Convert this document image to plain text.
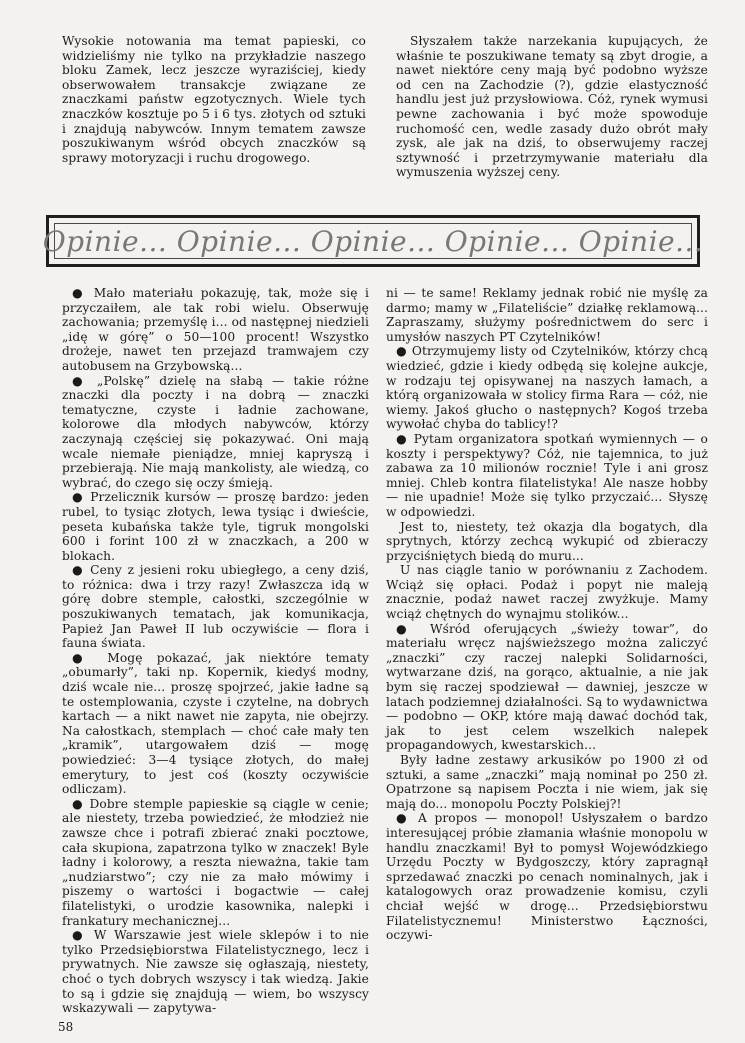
Wysokie notowania ma temat papieski, co widzieliśmy nie tylko na przykładzie naszego bloku Zamek, lecz jeszcze wyraziściej, kiedy obserwowałem transakcje związane ze znaczkami państw egzotycznych. Wiele tych znaczków kosztuje po 5 i 6 tys. złotych od sztuki i znajdują nabywców. Innym tematem zawsze poszukiwanym wśród obcych znaczków są sprawy motoryzacji i ruchu drogowego.

Słyszałem także narzekania kupujących, że właśnie te poszukiwane tematy są zbyt drogie, a nawet niektóre ceny mają być podobno wyższe od cen na Zachodzie (?), gdzie elastyczność handlu jest już przysłowiowa. Cóż, rynek wymusi pewne zachowania i być może spowoduje ruchomość cen, wedle zasady dużo obrót mały zysk, ale jak na dziś, to obserwujemy raczej sztywność i przetrzymywanie materiału dla wymuszenia wyższej ceny.

Opinie... Opinie... Opinie... Opinie... Opinie...

● Mało materiału pokazuję, tak, może się i przyczaiłem, ale tak robi wielu. Obserwuję zachowania; przemyślę i... od następnej niedzieli „idę w górę” o 50—100 procent! Wszystko drożeje, nawet ten przejazd tramwajem czy autobusem na Grzybowską...

● „Polskę” dzielę na słabą — takie różne znaczki dla poczty i na dobrą — znaczki tematyczne, czyste i ładnie zachowane, kolorowe dla młodych nabywców, którzy zaczynają częściej się pokazywać. Oni mają wcale niemałe pieniądze, mniej kapryszą i przebierają. Nie mają mankolisty, ale wiedzą, co wybrać, do czego się oczy śmieją.

● Przelicznik kursów — proszę bardzo: jeden rubel, to tysiąc złotych, lewa tysiąc i dwieście, peseta kubańska także tyle, tigruk mongolski 600 i forint 100 zł w znaczkach, a 200 w blokach.

● Ceny z jesieni roku ubiegłego, a ceny dziś, to różnica: dwa i trzy razy! Zwłaszcza idą w górę dobre stemple, całostki, szczególnie w poszukiwanych tematach, jak komunikacja, Papież Jan Paweł II lub oczywiście — flora i fauna świata.

● Mogę pokazać, jak niektóre tematy „obumarły”, taki np. Kopernik, kiedyś modny, dziś wcale nie... proszę spojrzeć, jakie ładne są te ostemplowania, czyste i czytelne, na dobrych kartach — a nikt nawet nie zapyta, nie obejrzy. Na całostkach, stemplach — choć całe mały ten „kramik”, utargowałem dziś — mogę powiedzieć: 3—4 tysiące złotych, do małej emerytury, to jest coś (koszty oczywiście odliczam).

● Dobre stemple papieskie są ciągle w cenie; ale niestety, trzeba powiedzieć, że młodzież nie zawsze chce i potrafi zbierać znaki pocztowe, cała skupiona, zapatrzona tylko w znaczek! Byle ładny i kolorowy, a reszta nieważna, takie tam „nudziarstwo”; czy nie za mało mówimy i piszemy o wartości i bogactwie — całej filatelistyki, o urodzie kasownika, nalepki i frankatury mechanicznej...

● W Warszawie jest wiele sklepów i to nie tylko Przedsiębiorstwa Filatelistycznego, lecz i prywatnych. Nie zawsze się ogłaszają, niestety, choć o tych dobrych wszyscy i tak wiedzą. Jakie to są i gdzie się znajdują — wiem, bo wszyscy wskazywali — zapytywa-

ni — te same! Reklamy jednak robić nie myślę za darmo; mamy w „Filateliście” działkę reklamową... Zapraszamy, służymy pośrednictwem do serc i umysłów naszych PT Czytelników!

● Otrzymujemy listy od Czytelników, którzy chcą wiedzieć, gdzie i kiedy odbędą się kolejne aukcje, w rodzaju tej opisywanej na naszych łamach, a którą organizowała w stolicy firma Rara — cóż, nie wiemy. Jakoś głucho o następnych? Kogoś trzeba wywołać chyba do tablicy!?

● Pytam organizatora spotkań wymiennych — o koszty i perspektywy? Cóż, nie tajemnica, to już zabawa za 10 milionów rocznie! Tyle i ani grosz mniej. Chleb kontra filatelistyka! Ale nasze hobby — nie upadnie! Może się tylko przyczaić... Słyszę w odpowiedzi.

Jest to, niestety, też okazja dla bogatych, dla sprytnych, którzy zechcą wykupić od zbieraczy przyciśniętych biedą do muru...

U nas ciągle tanio w porównaniu z Zachodem. Wciąż się opłaci. Podaż i popyt nie maleją znacznie, podaż nawet raczej zwyżkuje. Mamy wciąż chętnych do wynajmu stolików...

● Wśród oferujących „świeży towar”, do materiału wręcz najświeższego można zaliczyć „znaczki” czy raczej nalepki Solidarności, wytwarzane dziś, na gorąco, aktualnie, a nie jak bym się raczej spodziewał — dawniej, jeszcze w latach podziemnej działalności. Są to wydawnictwa — podobno — OKP, które mają dawać dochód tak, jak to jest celem wszelkich nalepek propagandowych, kwestarskich...

Były ładne zestawy arkusików po 1900 zł od sztuki, a same „znaczki” mają nominał po 250 zł. Opatrzone są napisem Poczta i nie wiem, jak się mają do... monopolu Poczty Polskiej?!

● A propos — monopol! Usłyszałem o bardzo interesującej próbie złamania właśnie monopolu w handlu znaczkami! Był to pomysł Wojewódzkiego Urzędu Poczty w Bydgoszczy, który zapragnął sprzedawać znaczki po cenach nominalnych, jak i katalogowych oraz prowadzenie komisu, czyli chciał wejść w drogę... Przedsiębiorstwu Filatelistycznemu! Ministerstwo Łączności, oczywi-

58
